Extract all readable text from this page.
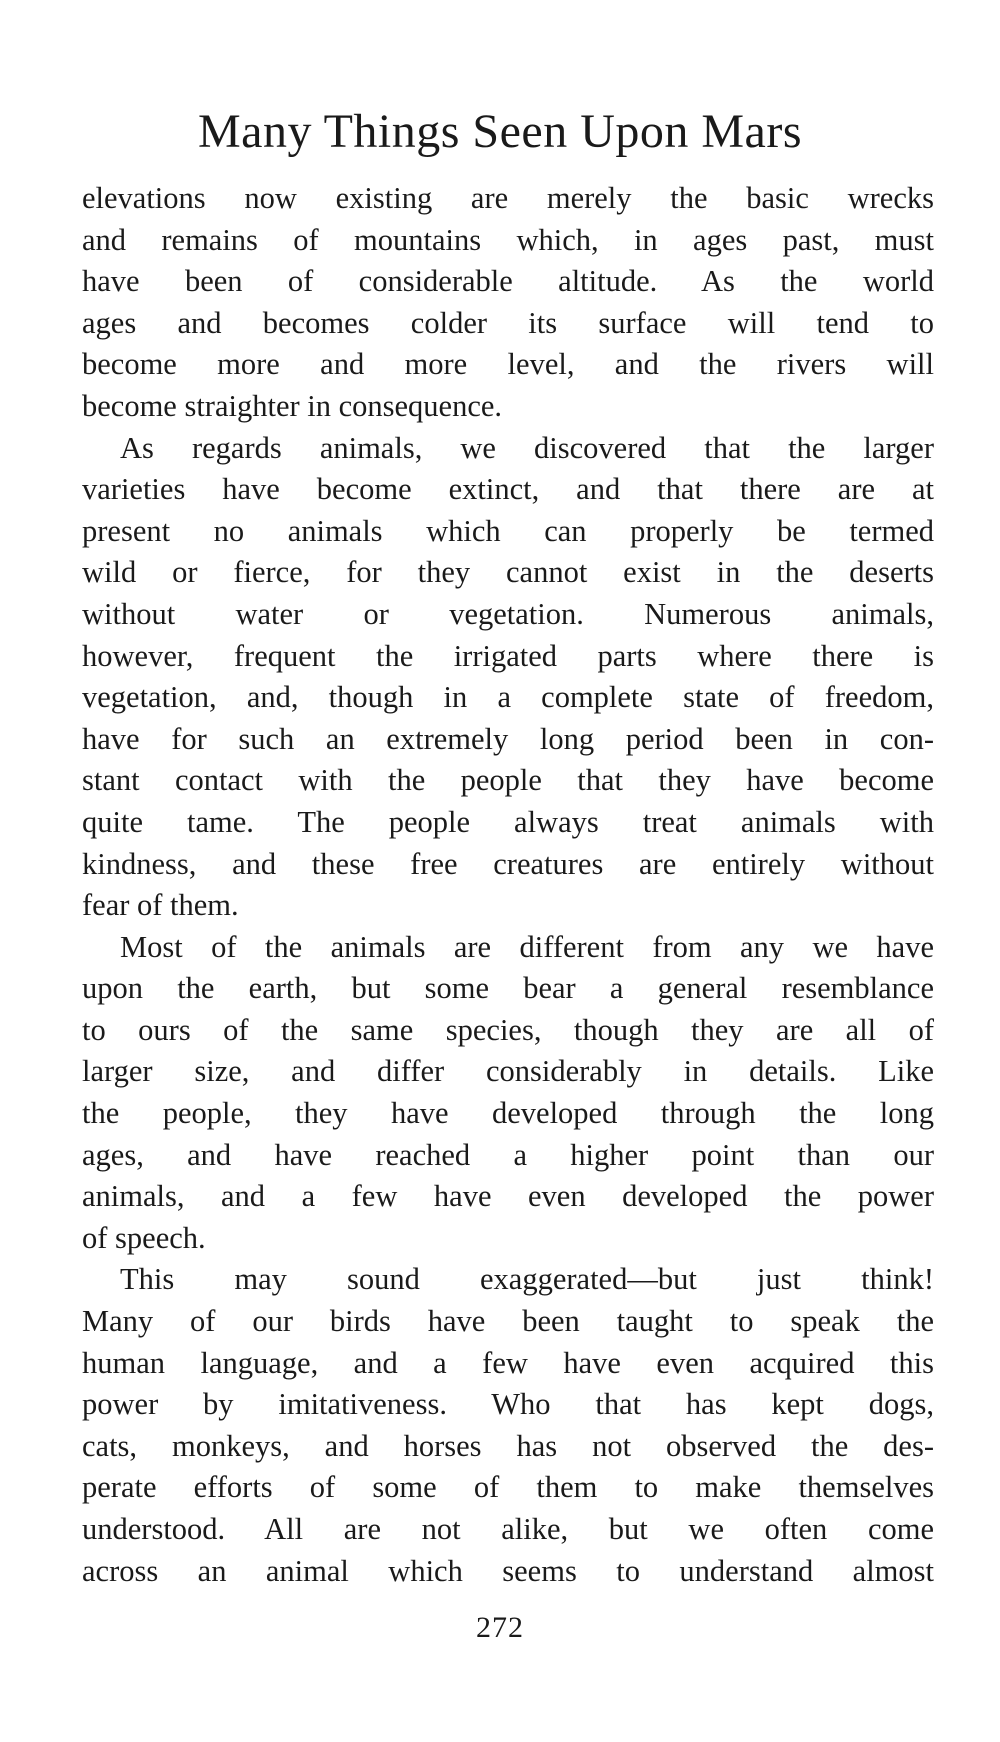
Many Things Seen Upon Mars
elevations now existing are merely the basic wrecks
and remains of mountains which, in ages past, must
have been of considerable altitude. As the world
ages and becomes colder its surface will tend to
become more and more level, and the rivers will
become straighter in consequence.
As regards animals, we discovered that the larger
varieties have become extinct, and that there are at
present no animals which can properly be termed
wild or fierce, for they cannot exist in the deserts
without water or vegetation. Numerous animals,
however, frequent the irrigated parts where there is
vegetation, and, though in a complete state of freedom,
have for such an extremely long period been in con-
stant contact with the people that they have become
quite tame. The people always treat animals with
kindness, and these free creatures are entirely without
fear of them.
Most of the animals are different from any we have
upon the earth, but some bear a general resemblance
to ours of the same species, though they are all of
larger size, and differ considerably in details. Like
the people, they have developed through the long
ages, and have reached a higher point than our
animals, and a few have even developed the power
of speech.
This may sound exaggerated—but just think!
Many of our birds have been taught to speak the
human language, and a few have even acquired this
power by imitativeness. Who that has kept dogs,
cats, monkeys, and horses has not observed the des-
perate efforts of some of them to make themselves
understood. All are not alike, but we often come
across an animal which seems to understand almost
272
